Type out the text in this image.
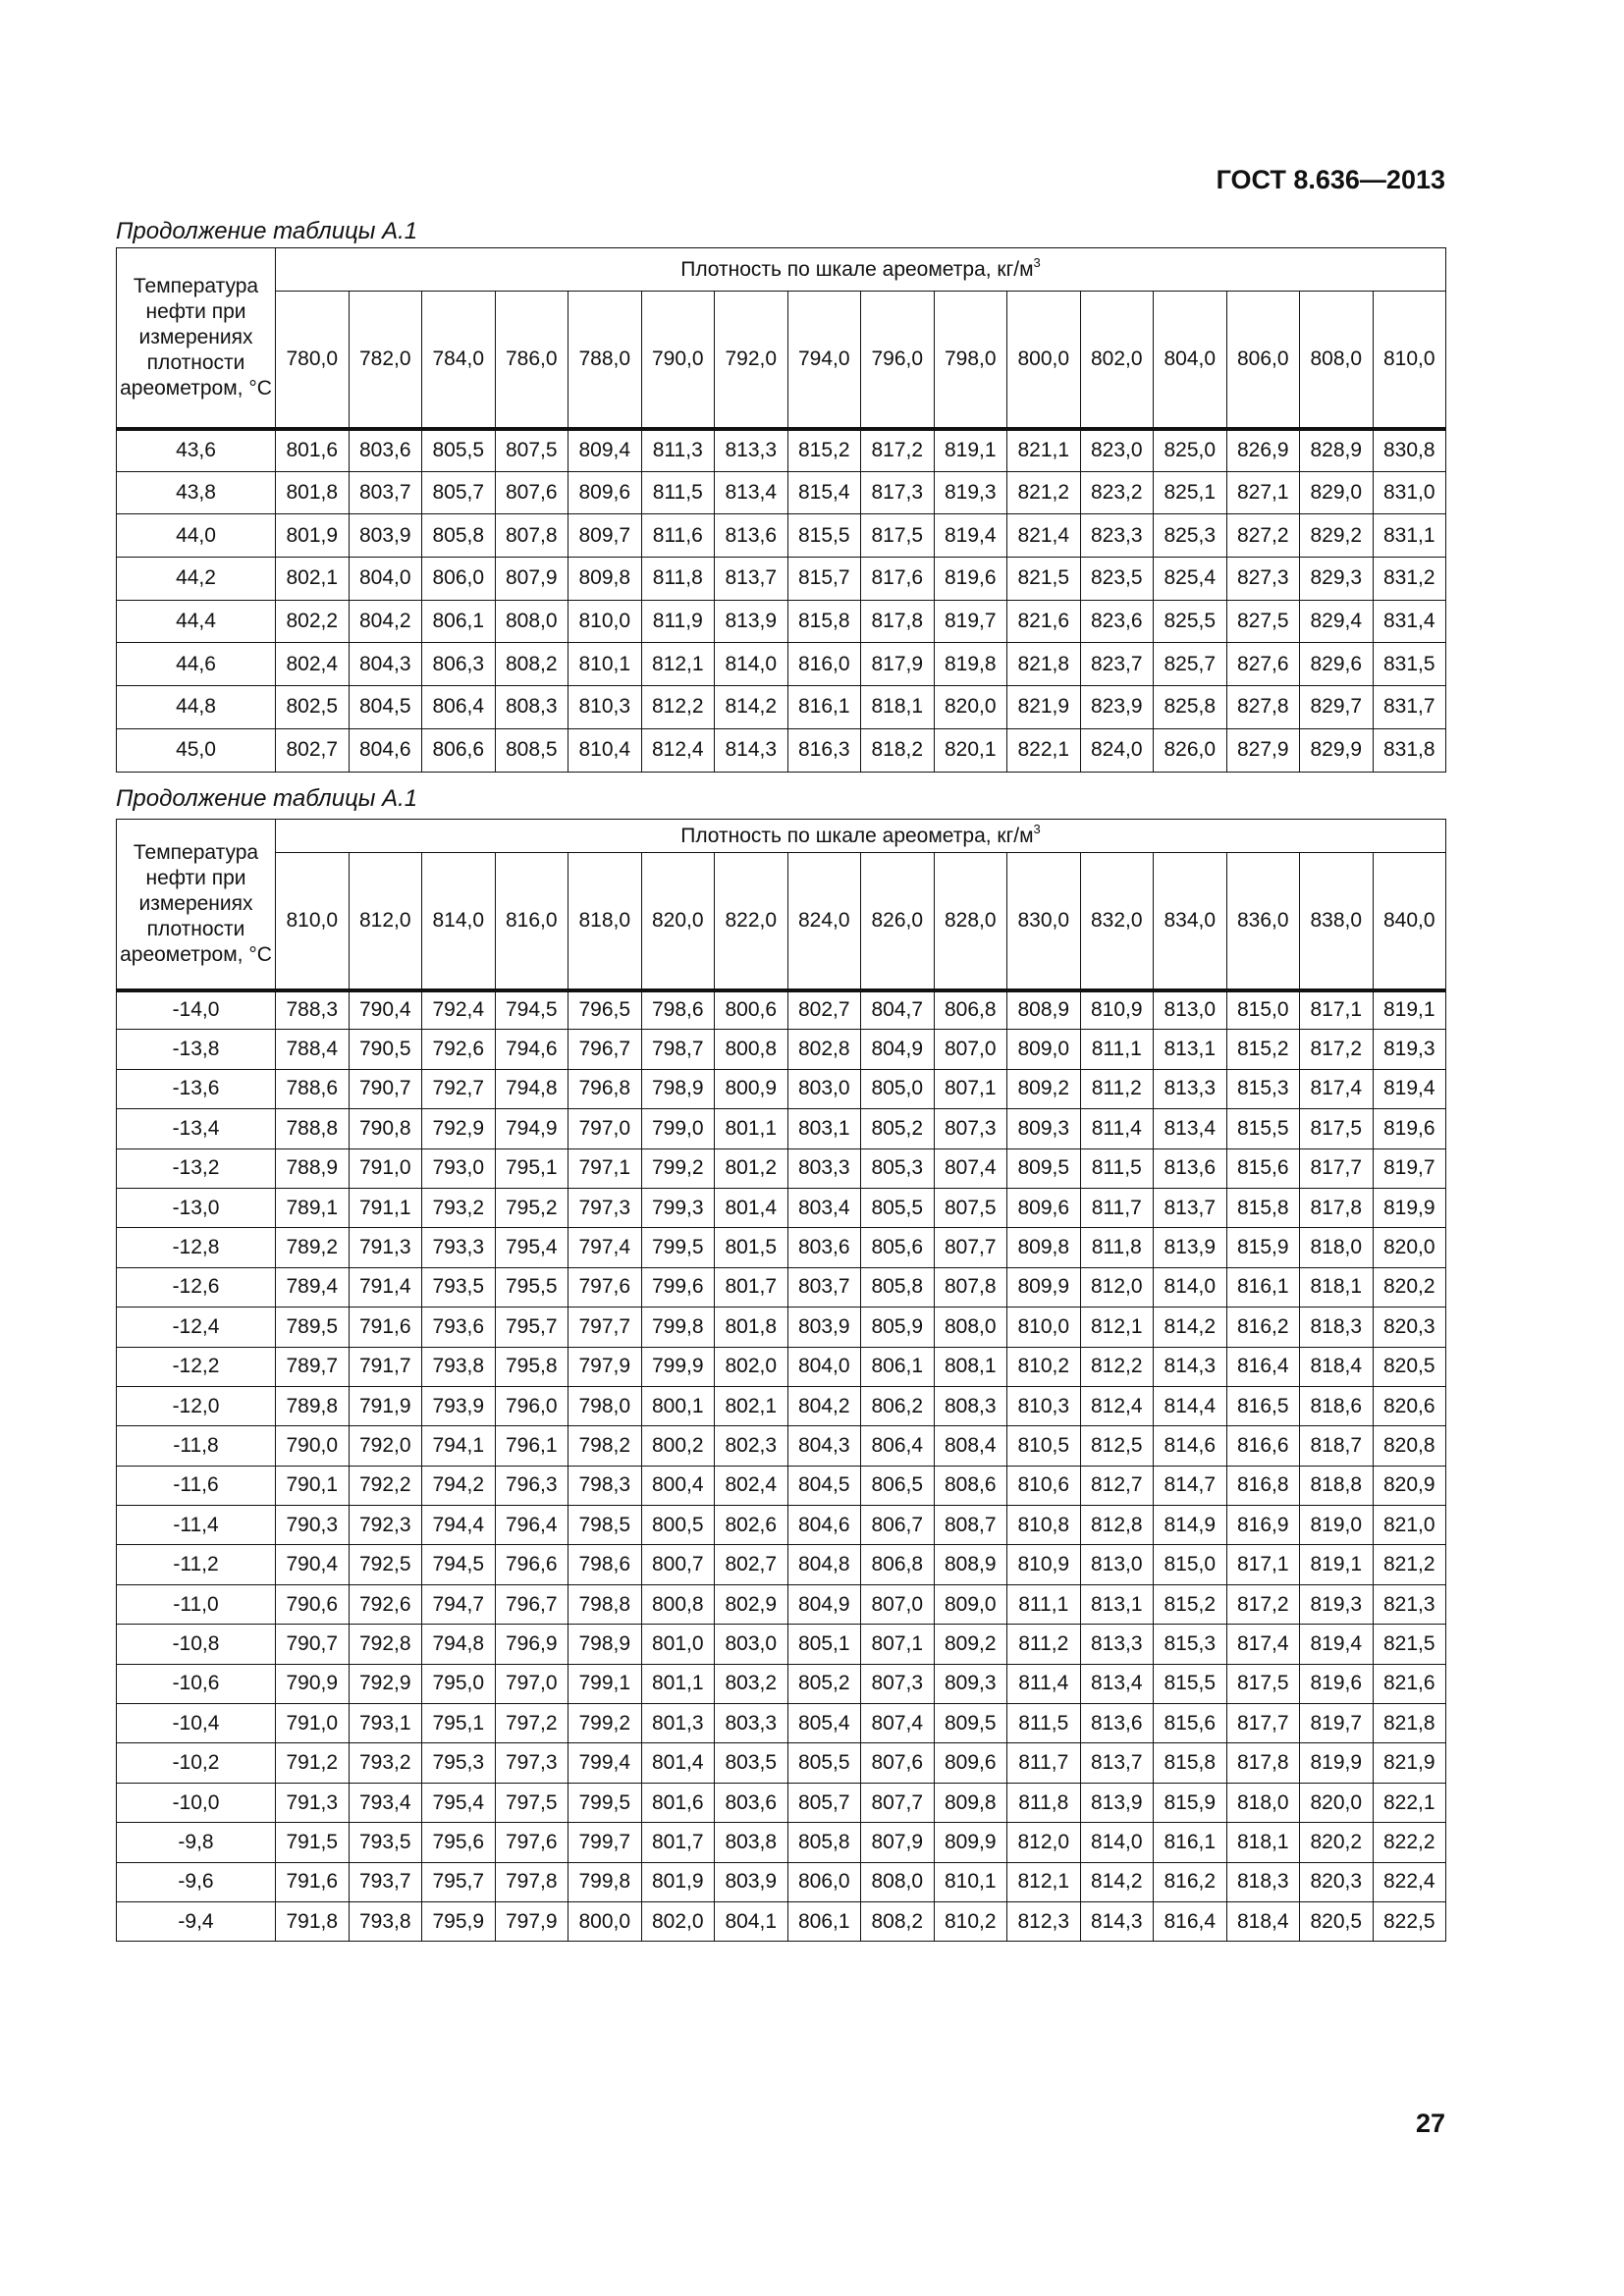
ГОСТ 8.636—2013
Продолжение таблицы А.1
Температура нефти при измерениях плотности ареометром, °С	Плотность по шкале ареометра, $кг/м^3$
	780,0	782,0	784,0	786,0	788,0	790,0	792,0	794,0	796,0	798,0	800,0	802,0	804,0	806,0	808,0	810,0
43,6	801,6	803,6	805,5	807,5	809,4	811,3	813,3	815,2	817,2	819,1	821,1	823,0	825,0	826,9	828,9	830,8
43,8	801,8	803,7	805,7	807,6	809,6	811,5	813,4	815,4	817,3	819,3	821,2	823,2	825,1	827,1	829,0	831,0
44,0	801,9	803,9	805,8	807,8	809,7	811,6	813,6	815,5	817,5	819,4	821,4	823,3	825,3	827,2	829,2	831,1
44,2	802,1	804,0	806,0	807,9	809,8	811,8	813,7	815,7	817,6	819,6	821,5	823,5	825,4	827,3	829,3	831,2
44,4	802,2	804,2	806,1	808,0	810,0	811,9	813,9	815,8	817,8	819,7	821,6	823,6	825,5	827,5	829,4	831,4
44,6	802,4	804,3	806,3	808,2	810,1	812,1	814,0	816,0	817,9	819,8	821,8	823,7	825,7	827,6	829,6	831,5
44,8	802,5	804,5	806,4	808,3	810,3	812,2	814,2	816,1	818,1	820,0	821,9	823,9	825,8	827,8	829,7	831,7
45,0	802,7	804,6	806,6	808,5	810,4	812,4	814,3	816,3	818,2	820,1	822,1	824,0	826,0	827,9	829,9	831,8
Продолжение таблицы А.1
Температура нефти при измерениях плотности ареометром, °С	Плотность по шкале ареометра, $кг/м^3$
	810,0	812,0	814,0	816,0	818,0	820,0	822,0	824,0	826,0	828,0	830,0	832,0	834,0	836,0	838,0	840,0
-14,0	788,3	790,4	792,4	794,5	796,5	798,6	800,6	802,7	804,7	806,8	808,9	810,9	813,0	815,0	817,1	819,1
-13,8	788,4	790,5	792,6	794,6	796,7	798,7	800,8	802,8	804,9	807,0	809,0	811,1	813,1	815,2	817,2	819,3
-13,6	788,6	790,7	792,7	794,8	796,8	798,9	800,9	803,0	805,0	807,1	809,2	811,2	813,3	815,3	817,4	819,4
-13,4	788,8	790,8	792,9	794,9	797,0	799,0	801,1	803,1	805,2	807,3	809,3	811,4	813,4	815,5	817,5	819,6
-13,2	788,9	791,0	793,0	795,1	797,1	799,2	801,2	803,3	805,3	807,4	809,5	811,5	813,6	815,6	817,7	819,7
-13,0	789,1	791,1	793,2	795,2	797,3	799,3	801,4	803,4	805,5	807,5	809,6	811,7	813,7	815,8	817,8	819,9
-12,8	789,2	791,3	793,3	795,4	797,4	799,5	801,5	803,6	805,6	807,7	809,8	811,8	813,9	815,9	818,0	820,0
-12,6	789,4	791,4	793,5	795,5	797,6	799,6	801,7	803,7	805,8	807,8	809,9	812,0	814,0	816,1	818,1	820,2
-12,4	789,5	791,6	793,6	795,7	797,7	799,8	801,8	803,9	805,9	808,0	810,0	812,1	814,2	816,2	818,3	820,3
-12,2	789,7	791,7	793,8	795,8	797,9	799,9	802,0	804,0	806,1	808,1	810,2	812,2	814,3	816,4	818,4	820,5
-12,0	789,8	791,9	793,9	796,0	798,0	800,1	802,1	804,2	806,2	808,3	810,3	812,4	814,4	816,5	818,6	820,6
-11,8	790,0	792,0	794,1	796,1	798,2	800,2	802,3	804,3	806,4	808,4	810,5	812,5	814,6	816,6	818,7	820,8
-11,6	790,1	792,2	794,2	796,3	798,3	800,4	802,4	804,5	806,5	808,6	810,6	812,7	814,7	816,8	818,8	820,9
-11,4	790,3	792,3	794,4	796,4	798,5	800,5	802,6	804,6	806,7	808,7	810,8	812,8	814,9	816,9	819,0	821,0
-11,2	790,4	792,5	794,5	796,6	798,6	800,7	802,7	804,8	806,8	808,9	810,9	813,0	815,0	817,1	819,1	821,2
-11,0	790,6	792,6	794,7	796,7	798,8	800,8	802,9	804,9	807,0	809,0	811,1	813,1	815,2	817,2	819,3	821,3
-10,8	790,7	792,8	794,8	796,9	798,9	801,0	803,0	805,1	807,1	809,2	811,2	813,3	815,3	817,4	819,4	821,5
-10,6	790,9	792,9	795,0	797,0	799,1	801,1	803,2	805,2	807,3	809,3	811,4	813,4	815,5	817,5	819,6	821,6
-10,4	791,0	793,1	795,1	797,2	799,2	801,3	803,3	805,4	807,4	809,5	811,5	813,6	815,6	817,7	819,7	821,8
-10,2	791,2	793,2	795,3	797,3	799,4	801,4	803,5	805,5	807,6	809,6	811,7	813,7	815,8	817,8	819,9	821,9
-10,0	791,3	793,4	795,4	797,5	799,5	801,6	803,6	805,7	807,7	809,8	811,8	813,9	815,9	818,0	820,0	822,1
-9,8	791,5	793,5	795,6	797,6	799,7	801,7	803,8	805,8	807,9	809,9	812,0	814,0	816,1	818,1	820,2	822,2
-9,6	791,6	793,7	795,7	797,8	799,8	801,9	803,9	806,0	808,0	810,1	812,1	814,2	816,2	818,3	820,3	822,4
-9,4	791,8	793,8	795,9	797,9	800,0	802,0	804,1	806,1	808,2	810,2	812,3	814,3	816,4	818,4	820,5	822,5
27
